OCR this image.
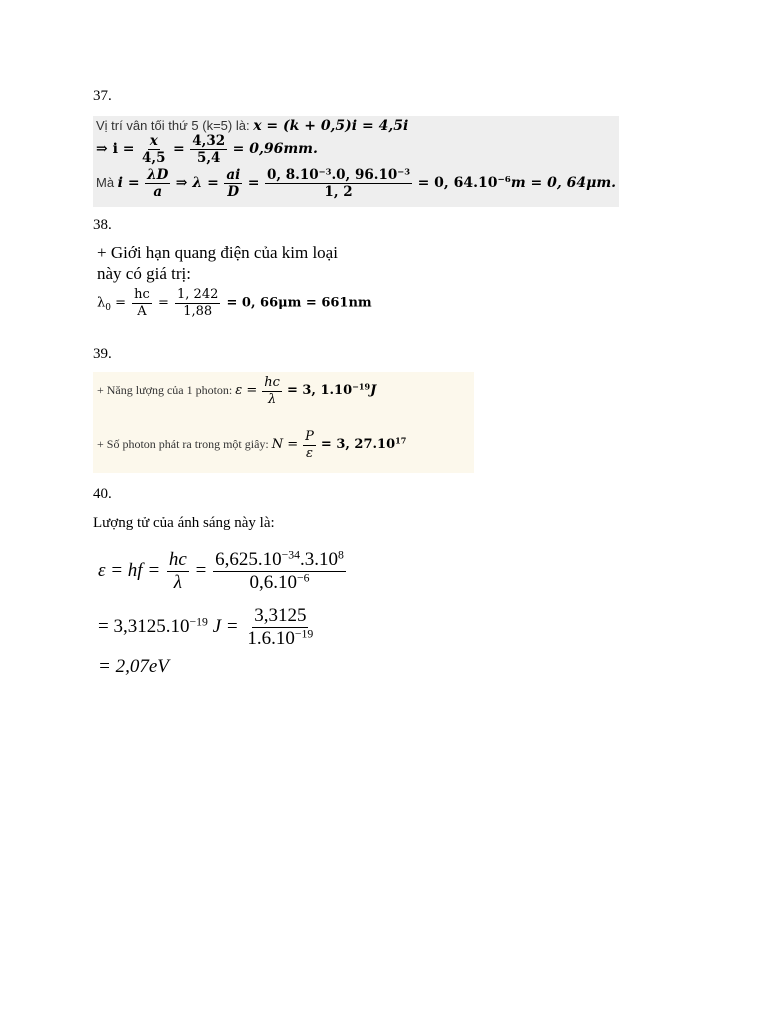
37.
Vị trí vân tối thứ 5 (k=5) là: x = (k + 0,5)i = 4,5i
⇒ $i = \frac{x}{4,5} = \frac{4,32}{5,4} = 0,96mm$.
Mà $i = \frac{\lambda D}{a}$ ⇒ $\lambda = \frac{ai}{D} = \frac{0, 8.10^{-3}.0, 96.10^{-3}}{1, 2} = 0$, $64.10^{-6}m = 0$, 64μm.
38.
+ Giới hạn quang điện của kim loại
này có giá trị:
$\lambda_0 = \frac{hc}{A} = \frac{1, 242}{1,88} = 0$, 66μm = 661nm
39.
+ Năng lượng của 1 photon: $\varepsilon = \frac{hc}{\lambda} = 3$, $1.10^{-19}J$
+ Số photon phát ra trong một giây: $N = \frac{P}{\varepsilon} = 3$, 27.10$^{17}$
40.
Lượng tử của ánh sáng này là:
ε = hf = $\frac{hc}{\lambda} = \frac{6,625.10^{-34}.3.10^8}{0,6.10^{-6}}$
= $3,3125.10^{-19}$ $J = \frac{3,3125}{1.6.10^{-19}}$
= 2,07eV
